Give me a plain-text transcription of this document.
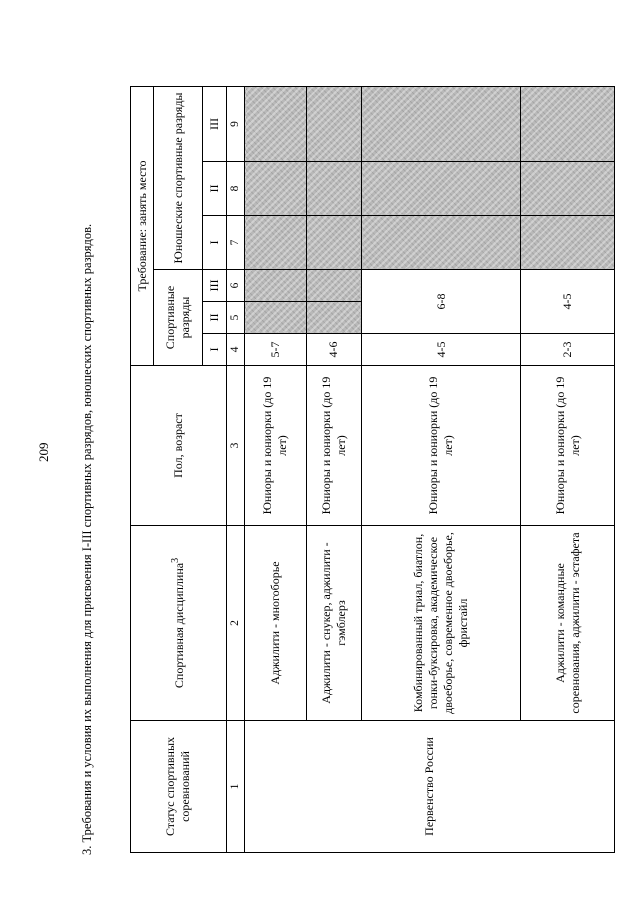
209 3. Требования и условия их выполнения для присвоения I-III спортивных разрядов, юношеских спортивных разрядов.	Статус спортивных соревнований	Спортивная дисциплина$^3$	Пол, возраст	Требование: занять место						
			Спортивные разряды			Юношеские спортивные разряды			
			I	II	III	I	II	III	
1	2	3	4	5	6	7	8	9	
Первенство России	Аджилити - многоборье	Юниоры и юниорки (до 19 лет)	5-7						
	Аджилити - снукер, аджилити - гэмблерз	Юниоры и юниорки (до 19 лет)	4-6						
	Комбинированный триал, биатлон, гонки-буксировка, академическое двоеборье, современное двоеборье, фристайл	Юниоры и юниорки (до 19 лет)	4-5	6-8					
	Аджилити - командные соревнования, аджилити - эстафета	Юниоры и юниорки (до 19 лет)	2-3	4-5					
